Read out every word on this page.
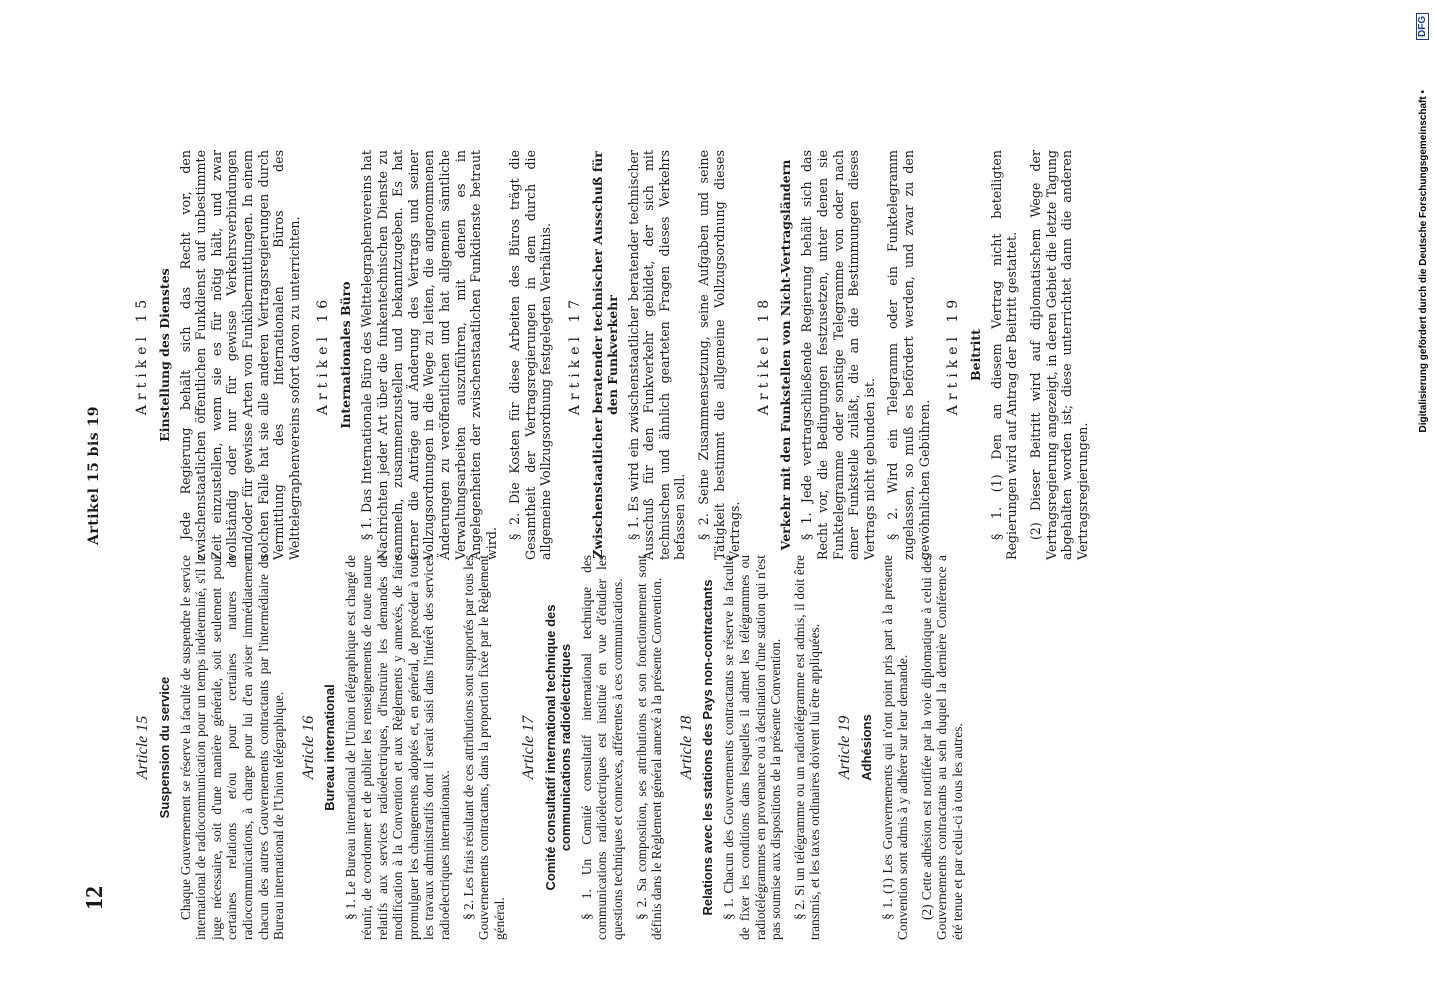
12
Artikel 15 bis 19
Article 15 Suspension du service Chaque Gouvernement se réserve la faculté de suspendre le service international de radiocommunication pour un temps indéterminé, s'il le juge nécessaire, soit d'une manière générale, soit seulement pour certaines relations et/ou pour certaines natures de radiocommunications, à charge pour lui d'en aviser immédiatement chacun des autres Gouvernements contractants par l'intermédiaire du Bureau international de l'Union télégraphique. Article 16 Bureau international § 1. Le Bureau international de l'Union télégraphique est chargé de réunir, de coordonner et de publier les renseignements de toute nature relatifs aux services radioélectriques, d'instruire les demandes de modification à la Convention et aux Règlements y annexés, de faire promulguer les changements adoptés et, en général, de procéder à tous les travaux administratifs dont il serait saisi dans l'intérêt des services radioélectriques internationaux. § 2. Les frais résultant de ces attributions sont supportés par tous les Gouvernements contractants, dans la proportion fixée par le Règlement général.

Article 17 Comité consultatif international technique des communications radioélectriques § 1. Un Comité consultatif international technique des communications radioélectriques est institué en vue d'étudier les questions techniques et connexes, afférentes à ces communications. § 2. Sa composition, ses attributions et son fonctionnement sont définis dans le Règlement général annexé à la présente Convention. Article 18 Relations avec les stations des Pays non-contractants § 1. Chacun des Gouvernements contractants se réserve la faculté de fixer les conditions dans lesquelles il admet les télégrammes ou radiotélégrammes en provenance ou à destination d'une station qui n'est pas soumise aux dispositions de la présente Convention. § 2. Si un télégramme ou un radiotélégramme est admis, il doit être transmis, et les taxes ordinaires doivent lui être appliquées. Article 19 Adhésions § 1. (1) Les Gouvernements qui n'ont point pris part à la présente Convention sont admis à y adhérer sur leur demande. (2) Cette adhésion est notifiée par la voie diplomatique à celui des Gouvernements contractants au sein duquel la dernière Conférence a été tenue et par celui-ci à tous les autres.

Artikel 15 Einstellung des Dienstes Jede Regierung behält sich das Recht vor, den zwischenstaatlichen öffentlichen Funkdienst auf unbestimmte Zeit einzustellen, wenn sie es für nötig hält, und zwar vollständig oder nur für gewisse Verkehrsverbindungen und/oder für gewisse Arten von Funkübermittlungen. In einem solchen Falle hat sie alle anderen Vertragsregierungen durch Vermittlung des Internationalen Büros des Welttelegraphenvereins sofort davon zu unterrichten. Artikel 16 Internationales Büro § 1. Das Internationale Büro des Welttelegraphenvereins hat Nachrichten jeder Art über die funkentechnischen Dienste zu sammeln, zusammenzustellen und bekanntzugeben. Es hat ferner die Anträge auf Änderung des Vertrags und seiner Vollzugsordnungen in die Wege zu leiten, die angenommenen Änderungen zu veröffentlichen und hat allgemein sämtliche Verwaltungsarbeiten auszuführen, mit denen es in Angelegenheiten der zwischenstaatlichen Funkdienste betraut wird.

§ 2. Die Kosten für diese Arbeiten des Büros trägt die Gesamtheit der Vertragsregierungen in dem durch die allgemeine Vollzugsordnung festgelegten Verhältnis. Artikel 17 Zwischenstaatlicher beratender technischer Ausschuß für den Funkverkehr § 1. Es wird ein zwischenstaatlicher beratender technischer Ausschuß für den Funkverkehr gebildet, der sich mit technischen und ähnlich gearteten Fragen dieses Verkehrs befassen soll. § 2. Seine Zusammensetzung, seine Aufgaben und seine Tätigkeit bestimmt die allgemeine Vollzugsordnung dieses Vertrags.

Artikel 18 Verkehr mit den Funkstellen von Nicht-Vertragsländern § 1. Jede vertragschließende Regierung behält sich das Recht vor, die Bedingungen festzusetzen, unter denen sie Funktelegramme oder sonstige Telegramme von oder nach einer Funkstelle zuläßt, die an die Bestimmungen dieses Vertrags nicht gebunden ist. § 2. Wird ein Telegramm oder ein Funktelegramm zugelassen, so muß es befördert werden, und zwar zu den gewöhnlichen Gebühren.

Artikel 19 Beitritt § 1. (1) Den an diesem Vertrag nicht beteiligten Regierungen wird auf Antrag der Beitritt gestattet. (2) Dieser Beitritt wird auf diplomatischem Wege der Vertragsregierung angezeigt, in deren Gebiet die letzte Tagung abgehalten worden ist; diese unterrichtet dann die anderen Vertragsregierungen.

Digitalisierung gefördert durch die Deutsche Forschungsgemeinschaft •
DFG
